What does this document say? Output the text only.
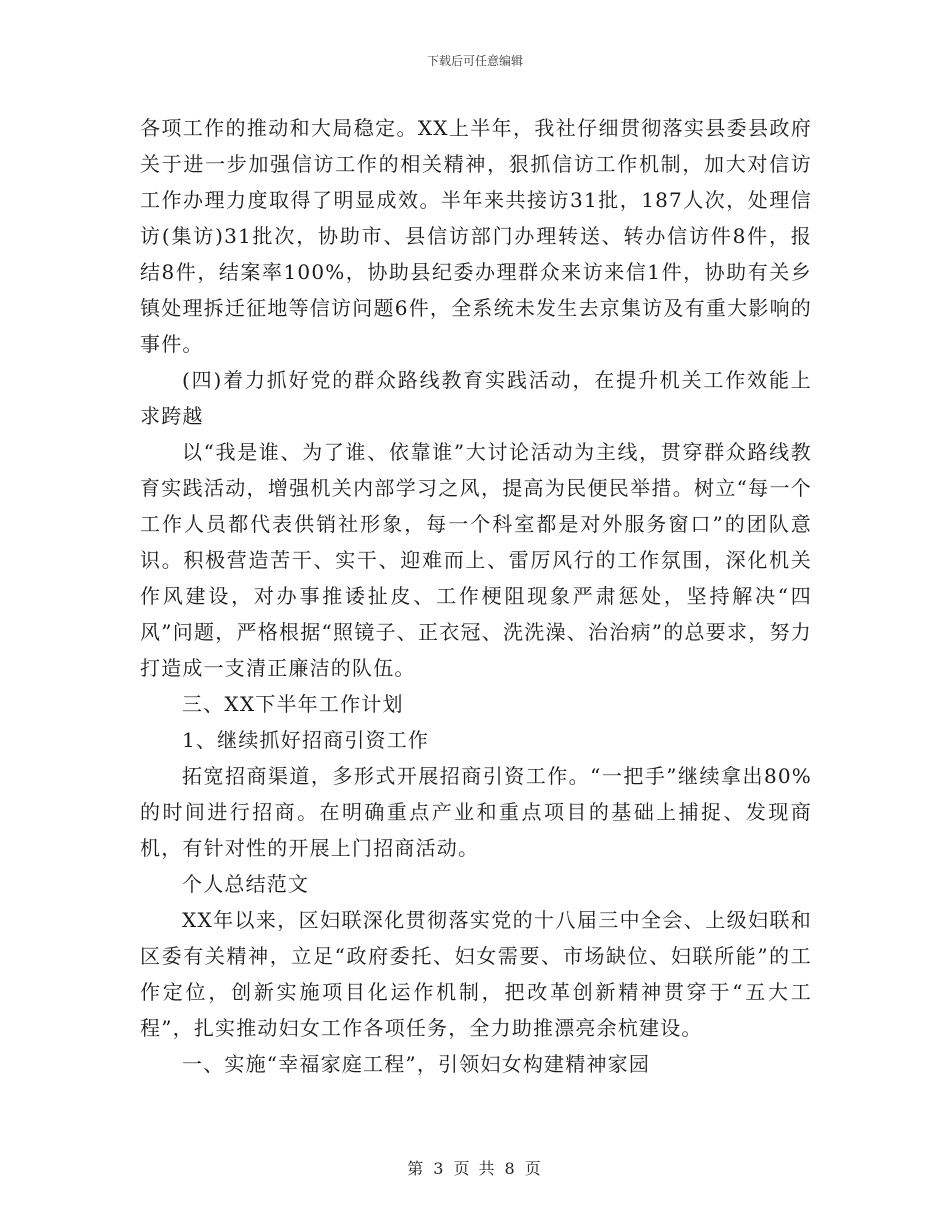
下载后可任意编辑

各项工作的推动和大局稳定。XX上半年，我社仔细贯彻落实县委县政府关于进一步加强信访工作的相关精神，狠抓信访工作机制，加大对信访工作办理力度取得了明显成效。半年来共接访31批，187人次，处理信访(集访)31批次，协助市、县信访部门办理转送、转办信访件8件，报结8件，结案率100%，协助县纪委办理群众来访来信1件，协助有关乡镇处理拆迁征地等信访问题6件，全系统未发生去京集访及有重大影响的事件。

(四)着力抓好党的群众路线教育实践活动，在提升机关工作效能上求跨越

以“我是谁、为了谁、依靠谁”大讨论活动为主线，贯穿群众路线教育实践活动，增强机关内部学习之风，提高为民便民举措。树立“每一个工作人员都代表供销社形象，每一个科室都是对外服务窗口”的团队意识。积极营造苦干、实干、迎难而上、雷厉风行的工作氛围，深化机关作风建设，对办事推诿扯皮、工作梗阻现象严肃惩处，坚持解决“四风”问题，严格根据“照镜子、正衣冠、洗洗澡、治治病”的总要求，努力打造成一支清正廉洁的队伍。

三、XX下半年工作计划

1、继续抓好招商引资工作

拓宽招商渠道，多形式开展招商引资工作。“一把手”继续拿出80%的时间进行招商。在明确重点产业和重点项目的基础上捕捉、发现商机，有针对性的开展上门招商活动。

个人总结范文

XX年以来，区妇联深化贯彻落实党的十八届三中全会、上级妇联和区委有关精神，立足“政府委托、妇女需要、市场缺位、妇联所能”的工作定位，创新实施项目化运作机制，把改革创新精神贯穿于“五大工程”，扎实推动妇女工作各项任务，全力助推漂亮余杭建设。

一、实施“幸福家庭工程”，引领妇女构建精神家园

第 3 页 共 8 页
